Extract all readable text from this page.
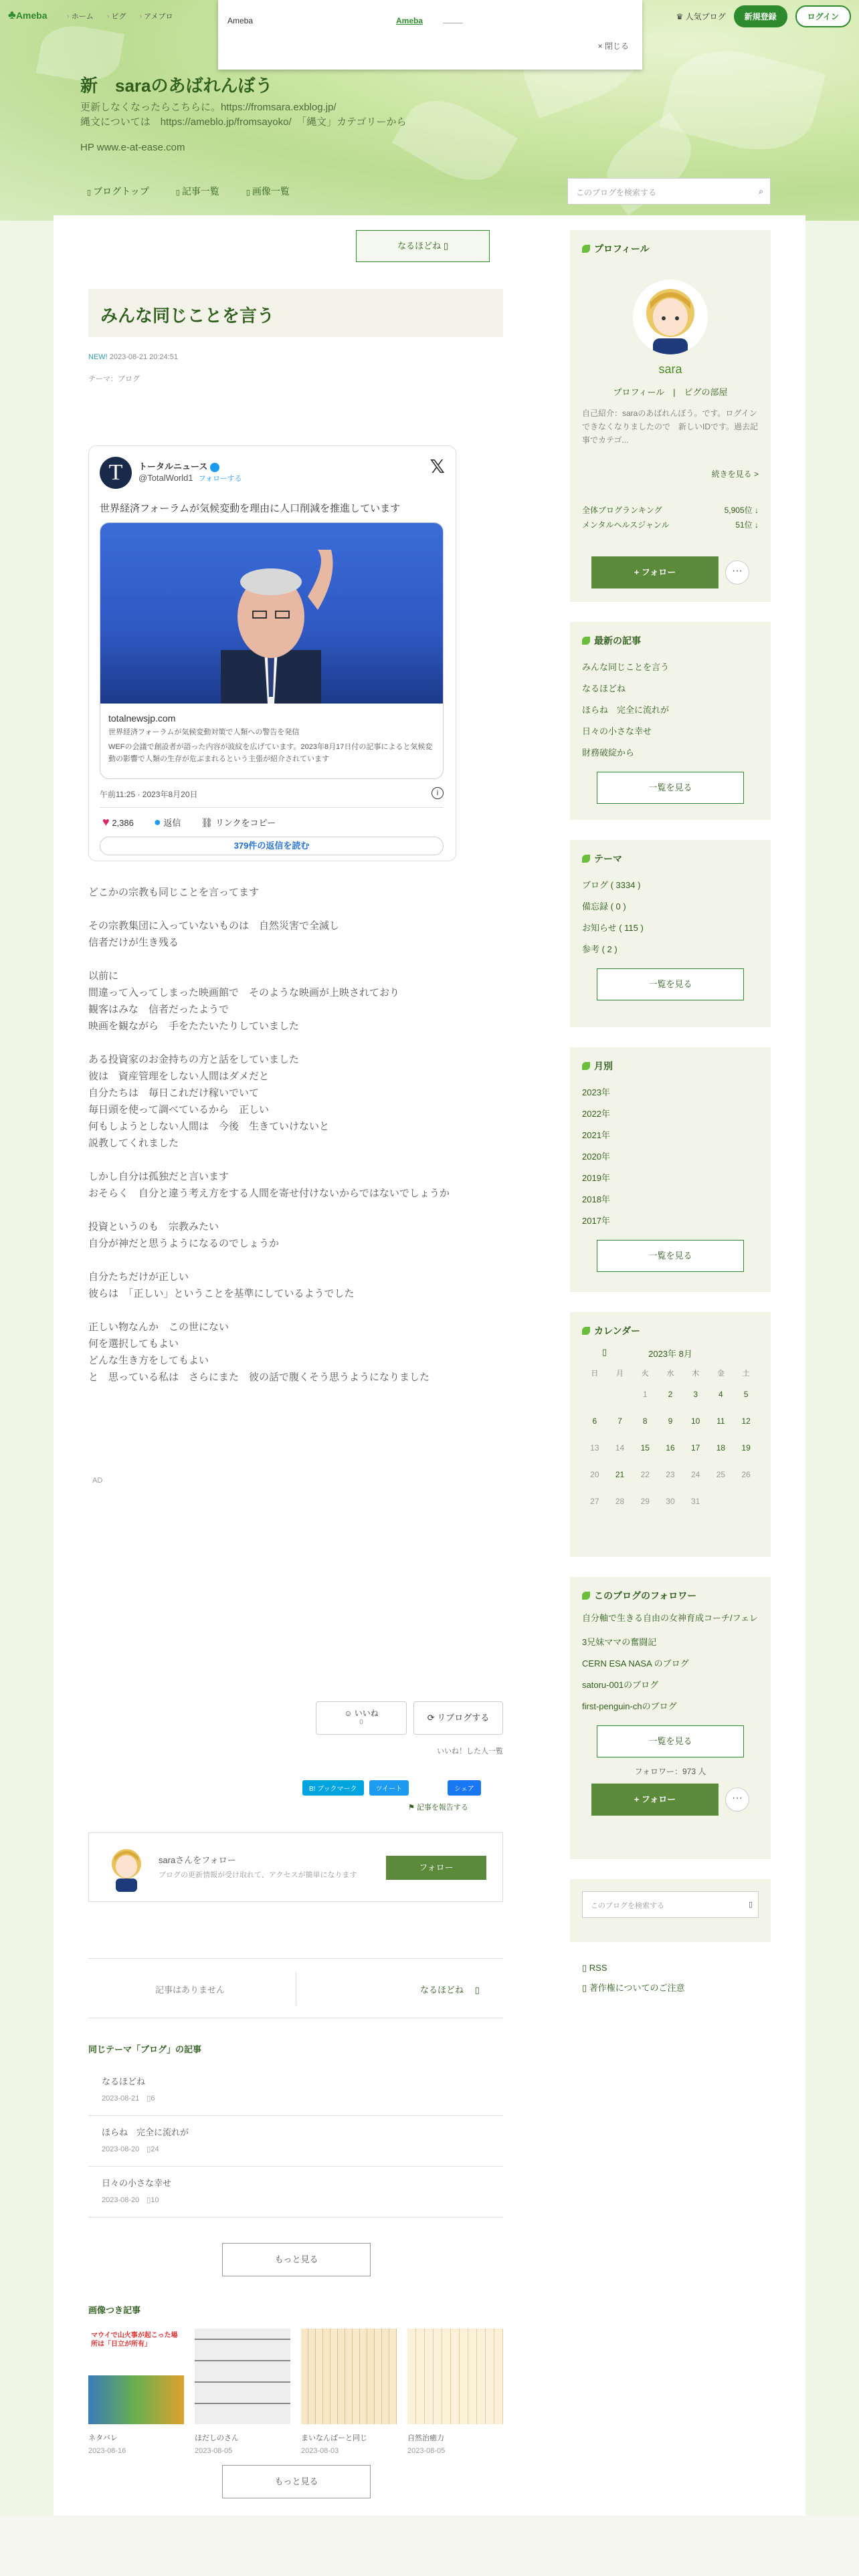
♣Ameba	› ホーム	› ピグ	› アメブロ	Ameba	Ameba
× 閉じる
♛ 人気ブログ	新規登録	ログイン
新　saraのあばれんぼう
更新しなくなったらこちらに。https://fromsara.exblog.jp/
縄文については　https://ameblo.jp/fromsayoko/　「縄文」カテゴリーから
HP www.e-at-ease.com
▯ ブログトップ	▯ 記事一覧	▯ 画像一覧	このブログを検索する	⌕
なるほどね ▯
みんな同じことを言う
NEW! 2023-08-21 20:24:51
テーマ：ブログ
T	トータルニュース
@TotalWorld1 フォローする
𝕏
世界経済フォーラムが気候変動を理由に人口削減を推進しています
totalnewsjp.com
世界経済フォーラムが気候変動対策で人類への警告を発信
WEFの会議で創設者が語った内容が波紋を広げています。2023年8月17日付の記事によると気候変動の影響で人類の生存が危ぶまれるという主張が紹介されています
午前11:25 · 2023年8月20日	i
♥ 2,386 ● 返信 ⛓ リンクをコピー
379件の返信を読む
どこかの宗教も同じことを言ってます

その宗教集団に入っていないものは　自然災害で全滅し
信者だけが生き残る

以前に
間違って入ってしまった映画館で　そのような映画が上映されており
観客はみな　信者だったようで
映画を観ながら　手をたたいたりしていました

ある投資家のお金持ちの方と話をしていました
彼は　資産管理をしない人間はダメだと
自分たちは　毎日これだけ稼いでいて
毎日頭を使って調べているから　正しい
何もしようとしない人間は　今後　生きていけないと
説教してくれました

しかし自分は孤独だと言います
おそらく　自分と違う考え方をする人間を寄せ付けないからではないでしょうか

投資というのも　宗教みたい
自分が神だと思うようになるのでしょうか

自分たちだけが正しい
彼らは　「正しい」ということを基準にしているようでした

正しい物なんか　この世にない
何を選択してもよい
どんな生き方をしてもよい
と　思っている私は　さらにまた　彼の話で腹くそう思うようになりました
AD
☺ いいね
0	⟳ リブログする
いいね！した人一覧
B! ブックマーク	ツイート	シェア
⚑ 記事を報告する
saraさんをフォロー
ブログの更新情報が受け取れて、アクセスが簡単になります
フォロー
記事はありません	なるほどね 　▯
同じテーマ「ブログ」の記事
なるほどね
2023-08-21　 ▯6
ほらね　完全に流れが
2023-08-20　 ▯24
日々の小さな幸せ
2023-08-20　 ▯10
もっと見る
画像つき記事
マウイで山火事が起こった場所は「日立が所有」
ネタバレ
2023-08-16
ほだしのさん
2023-08-05
まいなんばーと同じ
2023-08-03
自然治癒力
2023-08-05
もっと見る
プロフィール
sara
プロフィール　|　ピグの部屋
自己紹介：saraのあばれんぼう。です。ログインできなくなりましたので　新しいIDです。過去記事でカテゴ...
続きを見る >
全体ブログランキング	5,905位 ↓
メンタルヘルスジャンル	51位 ↓
+ フォロー	···
最新の記事
みんな同じことを言う
なるほどね
ほらね　完全に流れが
日々の小さな幸せ
財務破綻から
一覧を見る
テーマ
ブログ ( 3334 )
備忘録 ( 0 )
お知らせ ( 115 )
参考 ( 2 )
一覧を見る
月別
2023年
2022年
2021年
2020年
2019年
2018年
2017年
一覧を見る
カレンダー
▯	2023年 8月
日	月	火	水	木	金	土
		1	2	3	4	5
6	7	8	9	10	11	12
13	14	15	16	17	18	19
20	21	22	23	24	25	26
27	28	29	30	31		
このブログのフォロワー
自分軸で生きる自由の女神育成コーチ/フェレ
3兄妹ママの奮闘記
CERN ESA NASA のブログ
satoru-001のブログ
first-penguin-chのブログ
一覧を見る
フォロワー：973 人
+ フォロー	···
このブログを検索する	▯
▯ RSS
▯ 著作権についてのご注意
